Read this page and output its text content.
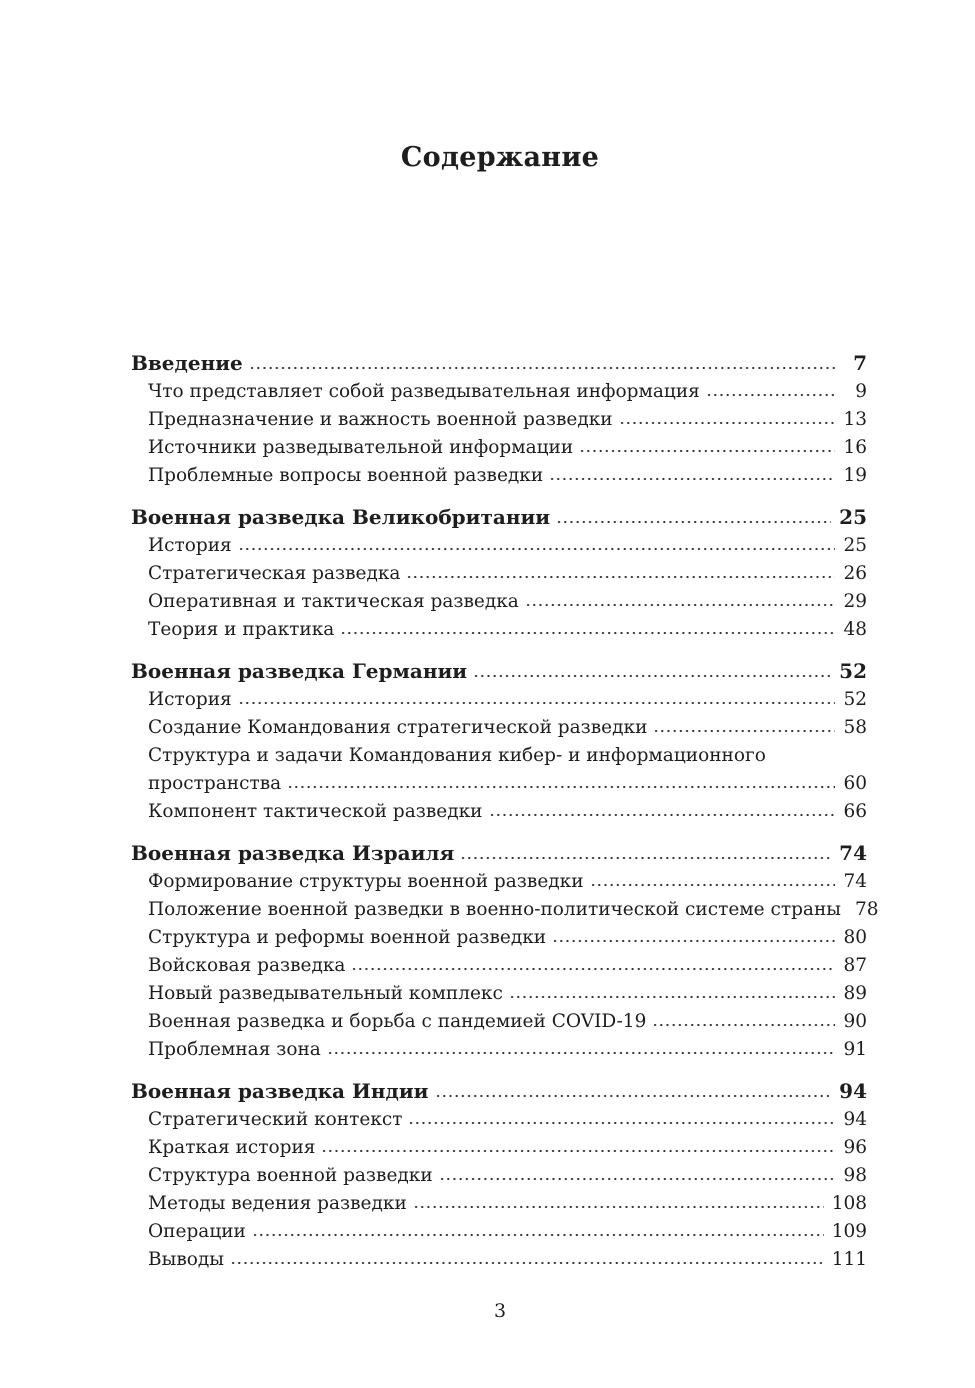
Содержание
Введение	7
Что представляет собой разведывательная информация	9
Предназначение и важность военной разведки	13
Источники разведывательной информации	16
Проблемные вопросы военной разведки	19
Военная разведка Великобритании	25
История	25
Стратегическая разведка	26
Оперативная и тактическая разведка	29
Теория и практика	48
Военная разведка Германии	52
История	52
Создание Командования стратегической разведки	58
Структура и задачи Командования кибер- и информационного
пространства	60
Компонент тактической разведки	66
Военная разведка Израиля	74
Формирование структуры военной разведки	74
Положение военной разведки в военно-политической системе страны 78
Структура и реформы военной разведки	80
Войсковая разведка	87
Новый разведывательный комплекс	89
Военная разведка и борьба с пандемией COVID-19	90
Проблемная зона	91
Военная разведка Индии	94
Стратегический контекст	94
Краткая история	96
Структура военной разведки	98
Методы ведения разведки	108
Операции	109
Выводы	111
3
